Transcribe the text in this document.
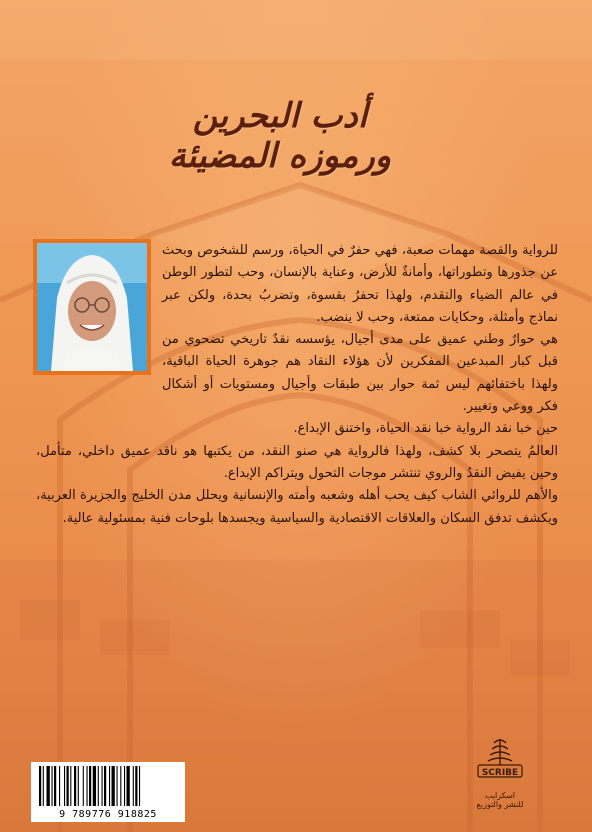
أدب البحرين
ورموزه المضيئة

للرواية والقصة مهمات صعبة، فهي حفرٌ في الحياة، ورسم للشخوص وبحث عن جذورها وتطوراتها، وأمانةٌ للأرض، وعناية بالإنسان، وحب لتطور الوطن في عالم الضياء والتقدم، ولهذا تحفرُ بقسوة، وتضربُ بحدة، ولكن عبر نماذج وأمثلة، وحكايات ممتعة، وحب لا ينضب.

هي حوارٌ وطني عميق على مدى أجيال، يؤسسه نقدٌ تاريخي تضحوي من قبل كبار المبدعين المفكرين لأن هؤلاء النقاد هم جوهرة الحياة الباقية، ولهذا باختفائهم ليس ثمة حوار بين طبقات وأجيال ومستويات أو أشكال فكر ووعي وتغيير.

حين خبا نقد الرواية خبا نقد الحياة، واختنق الإبداع.

العالمُ يتصحر بلا كشف، ولهذا فالرواية هي صنو النقد، من يكتبها هو ناقد عميق داخلي، متأمل، وحين يفيض النقدُ والروي تنتشر موجات التحول ويتراكم الإبداع.

والأهم للروائي الشاب كيف يحب أهله وشعبه وأمته والإنسانية ويحلل مدن الخليج والجزيرة العربية، ويكشف تدفق السكان والعلاقات الاقتصادية والسياسية ويجسدها بلوحات فنية بمسئولية عالية.

9 789776 918825
SCRIBE
اسكرايب
للنشر والتوزيع
